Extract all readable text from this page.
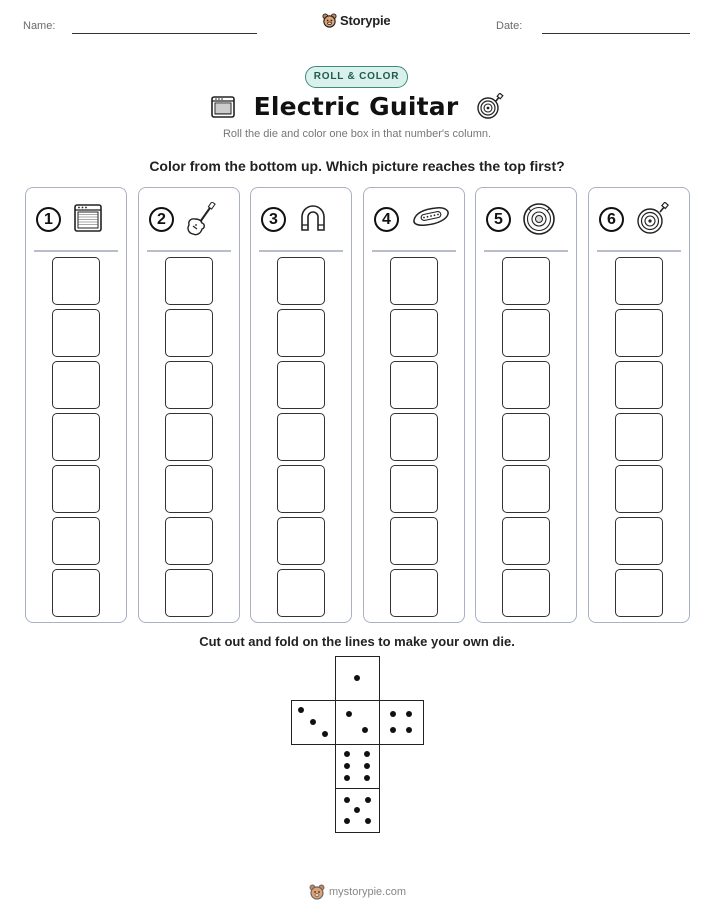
Name:	Storypie	Date:
ROLL & COLOR
Electric Guitar
Roll the die and color one box in that number's column.
Color from the bottom up. Which picture reaches the top first?
1	2	3	4	5	6
Cut out and fold on the lines to make your own die.
mystorypie.com
